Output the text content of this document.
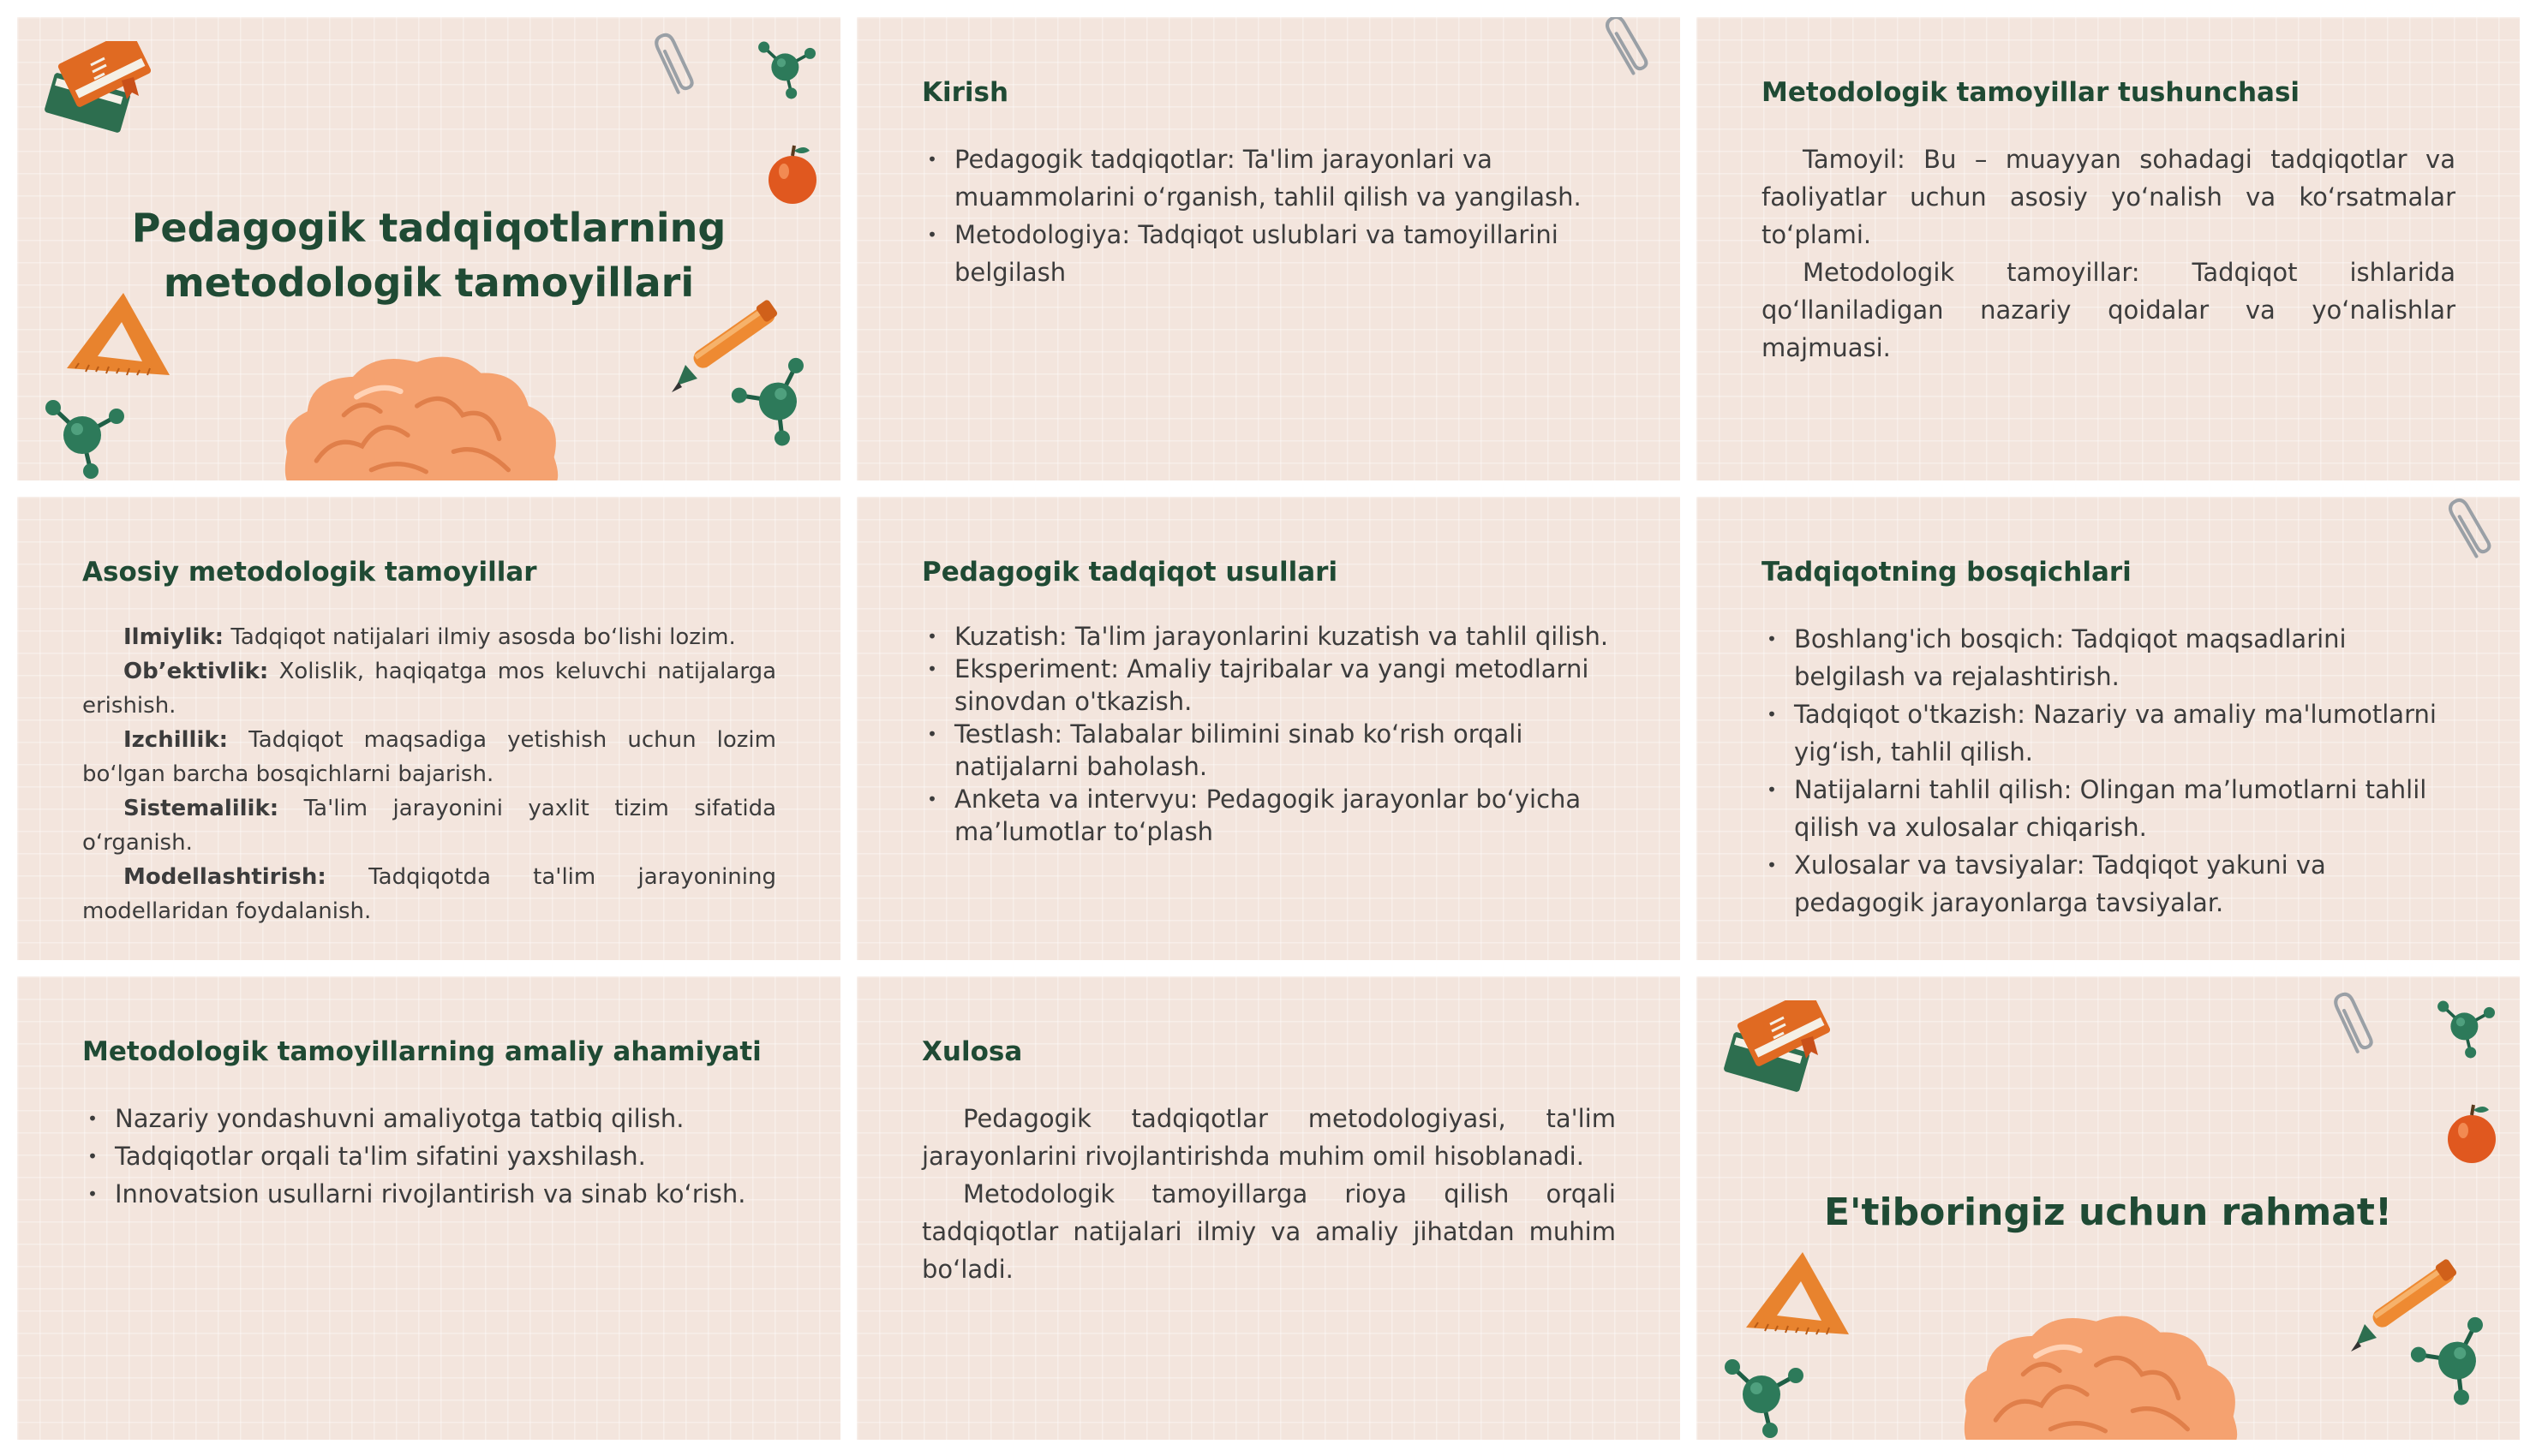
Pedagogik tadqiqotlarning
metodologik tamoyillari
Kirish
• Pedagogik tadqiqotlar: Ta'lim jarayonlari va muammolarini o‘rganish, tahlil qilish va yangilash.
• Metodologiya: Tadqiqot uslublari va tamoyillarini belgilash
Metodologik tamoyillar tushunchasi

Tamoyil: Bu – muayyan sohadagi tadqiqotlar va faoliyatlar uchun asosiy yo‘nalish va ko‘rsatmalar to‘plami.

Metodologik tamoyillar: Tadqiqot ishlarida qo‘llaniladigan nazariy qoidalar va yo‘nalishlar majmuasi.

Asosiy metodologik tamoyillar

Ilmiylik: Tadqiqot natijalari ilmiy asosda bo‘lishi lozim.

Ob’ektivlik: Xolislik, haqiqatga mos keluvchi natijalarga erishish.

Izchillik: Tadqiqot maqsadiga yetishish uchun lozim bo‘lgan barcha bosqichlarni bajarish.

Sistemalilik: Ta'lim jarayonini yaxlit tizim sifatida o‘rganish.

Modellashtirish: Tadqiqotda ta'lim jarayonining modellaridan foydalanish.

Pedagogik tadqiqot usullari
• Kuzatish: Ta'lim jarayonlarini kuzatish va tahlil qilish.
• Eksperiment: Amaliy tajribalar va yangi metodlarni sinovdan o'tkazish.
• Testlash: Talabalar bilimini sinab ko‘rish orqali natijalarni baholash.
• Anketa va intervyu: Pedagogik jarayonlar bo‘yicha ma’lumotlar to‘plash
Tadqiqotning bosqichlari
• Boshlang'ich bosqich: Tadqiqot maqsadlarini belgilash va rejalashtirish.
• Tadqiqot o'tkazish: Nazariy va amaliy ma'lumotlarni yig‘ish, tahlil qilish.
• Natijalarni tahlil qilish: Olingan ma’lumotlarni tahlil qilish va xulosalar chiqarish.
• Xulosalar va tavsiyalar: Tadqiqot yakuni va pedagogik jarayonlarga tavsiyalar.
Metodologik tamoyillarning amaliy ahamiyati
• Nazariy yondashuvni amaliyotga tatbiq qilish.
• Tadqiqotlar orqali ta'lim sifatini yaxshilash.
• Innovatsion usullarni rivojlantirish va sinab ko‘rish.
Xulosa

Pedagogik tadqiqotlar metodologiyasi, ta'lim jarayonlarini rivojlantirishda muhim omil hisoblanadi.

Metodologik tamoyillarga rioya qilish orqali tadqiqotlar natijalari ilmiy va amaliy jihatdan muhim bo‘ladi.

E'tiboringiz uchun rahmat!
